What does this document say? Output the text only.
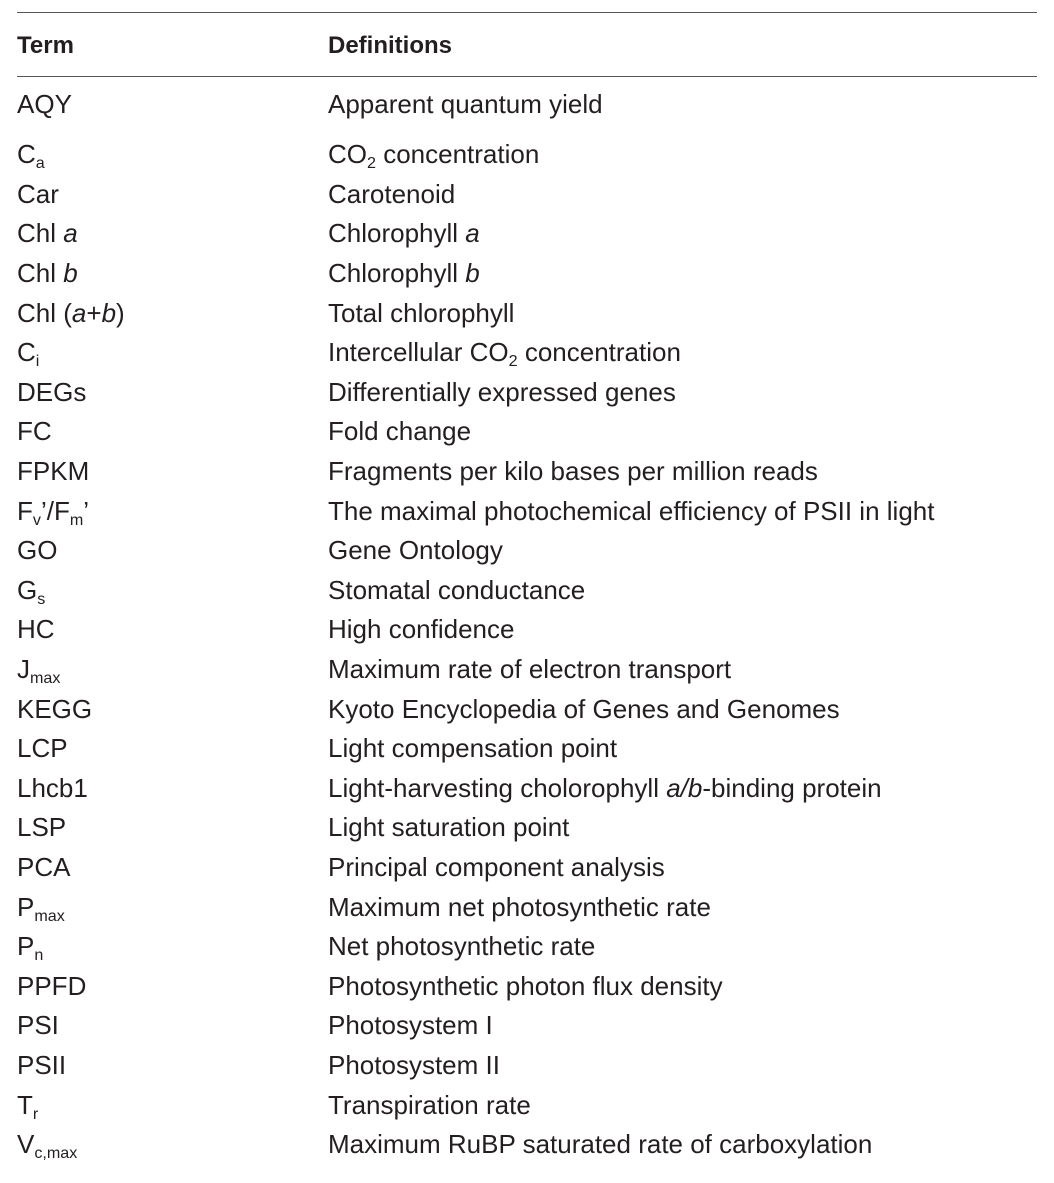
Term	Definitions
AQY	Apparent quantum yield
$C_a$	$CO_2$ concentration
Car	Carotenoid
Chl a	Chlorophyll a
Chl b	Chlorophyll b
Chl (a+b)	Total chlorophyll
$C_i$	Intercellular $CO_2$ concentration
DEGs	Differentially expressed genes
FC	Fold change
FPKM	Fragments per kilo bases per million reads
$F_v’/F_m$’	The maximal photochemical efficiency of PSII in light
GO	Gene Ontology
$G_s$	Stomatal conductance
HC	High confidence
$J_{max}$	Maximum rate of electron transport
KEGG	Kyoto Encyclopedia of Genes and Genomes
LCP	Light compensation point
Lhcb1	Light-harvesting cholorophyll a/b-binding protein
LSP	Light saturation point
PCA	Principal component analysis
$P_{max}$	Maximum net photosynthetic rate
$P_n$	Net photosynthetic rate
PPFD	Photosynthetic photon flux density
PSI	Photosystem I
PSII	Photosystem II
$T_r$	Transpiration rate
$V_{c,max}$	Maximum RuBP saturated rate of carboxylation
